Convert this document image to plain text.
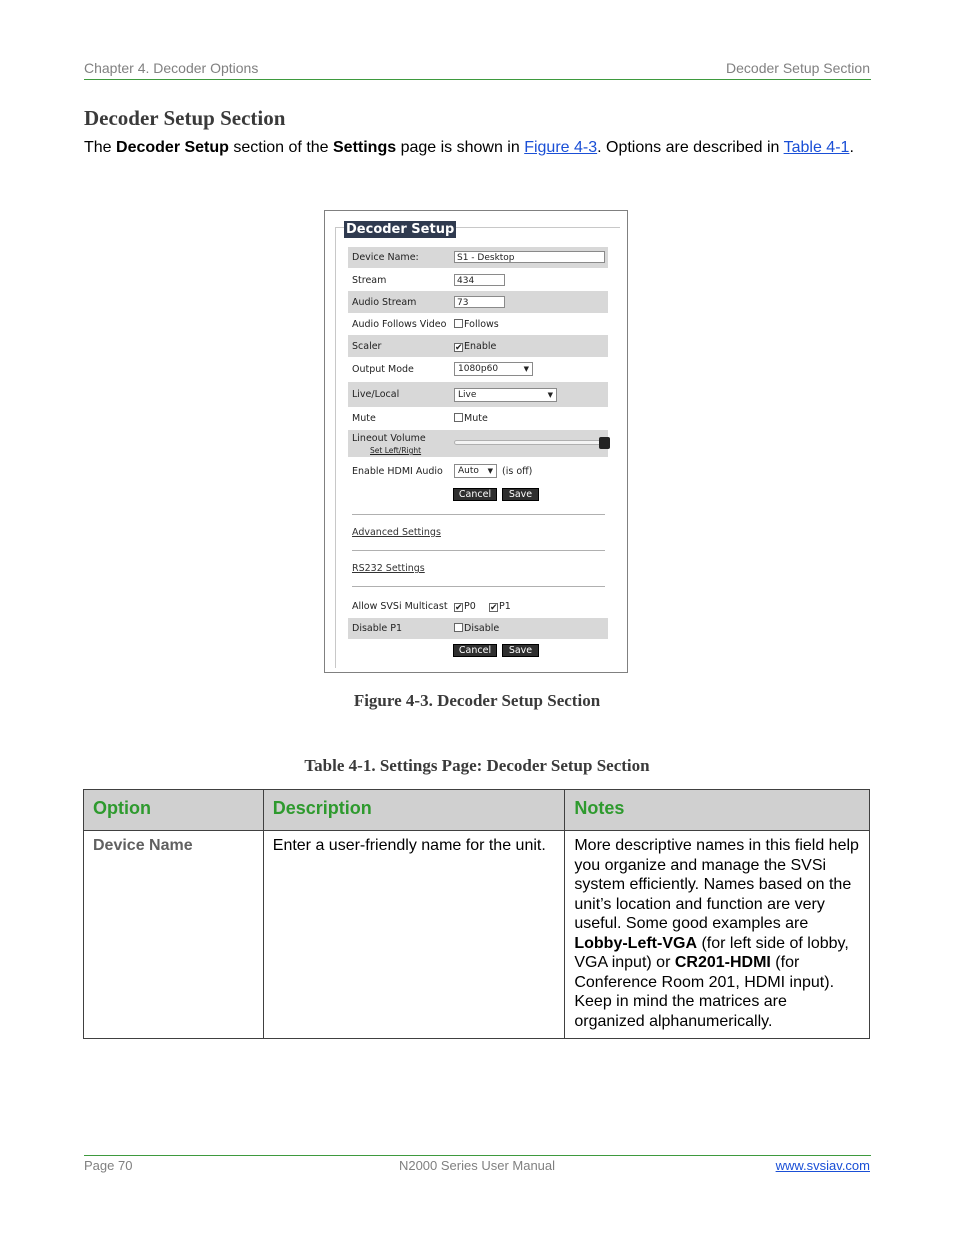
Chapter 4. Decoder Options	Decoder Setup Section
Decoder Setup Section
The Decoder Setup section of the Settings page is shown in Figure 4-3. Options are described in Table 4-1.
Decoder Setup
Device Name:	S1 - Desktop
Stream	434
Audio Stream	73
Audio Follows Video	Follows
Scaler	✔Enable
Output Mode	1080p60	▼
Live/Local	Live	▼
Mute	Mute
Lineout Volume
Set Left/Right
Enable HDMI Audio	Auto ▼ (is off)
Cancel	Save
Advanced Settings
RS232 Settings
Allow SVSi Multicast ✔P0 ✔P1
Disable P1	Disable
Cancel	Save
Figure 4-3. Decoder Setup Section
Table 4-1. Settings Page: Decoder Setup Section
Option	Description	Notes
Device Name	Enter a user-friendly name for the unit.	More descriptive names in this field help you organize and manage the SVSi system efficiently. Names based on the unit’s location and function are very useful. Some good examples are Lobby-Left-VGA (for left side of lobby, VGA input) or CR201-HDMI (for Conference Room 201, HDMI input). Keep in mind the matrices are organized alphanumerically.
Page 70	N2000 Series User Manual	www.svsiav.com
